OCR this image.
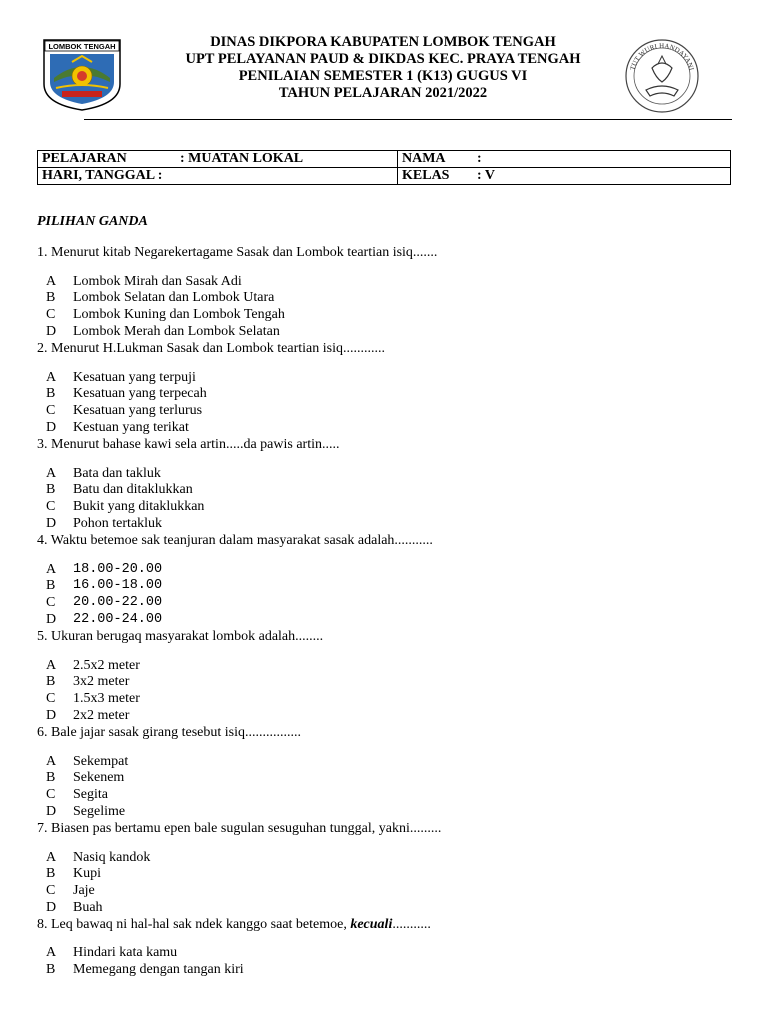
LOMBOK TENGAH	DINAS DIKPORA KABUPATEN LOMBOK TENGAH
UPT PELAYANAN PAUD & DIKDAS KEC. PRAYA TENGAH
PENILAIAN SEMESTER 1 (K13) GUGUS VI
TAHUN PELAJARAN 2021/2022
TUT WURI HANDAYANI
PELAJARAN : MUATAN LOKAL	NAMA :
HARI, TANGGAL :	KELAS : V
PILIHAN GANDA

1. Menurut kitab Negarekertagame Sasak dan Lombok teartian isiq.......

A	Lombok Mirah dan Sasak Adi
B	Lombok Selatan dan Lombok Utara
C	Lombok Kuning dan Lombok Tengah
D	Lombok Merah dan Lombok Selatan

2. Menurut H.Lukman Sasak dan Lombok teartian isiq............

A	Kesatuan yang terpuji
B	Kesatuan yang terpecah
C	Kesatuan yang terlurus
D	Kestuan yang terikat

3. Menurut bahase kawi sela artin.....da pawis artin.....

A	Bata dan takluk
B	Batu dan ditaklukkan
C	Bukit yang ditaklukkan
D	Pohon tertakluk

4. Waktu betemoe sak teanjuran dalam masyarakat sasak adalah...........

A	18.00-20.00
B	16.00-18.00
C	20.00-22.00
D	22.00-24.00

5. Ukuran berugaq masyarakat lombok adalah........

A	2.5x2 meter
B	3x2 meter
C	1.5x3 meter
D	2x2 meter

6. Bale jajar sasak girang tesebut isiq................

A	Sekempat
B	Sekenem
C	Segita
D	Segelime

7. Biasen pas bertamu epen bale sugulan sesuguhan tunggal, yakni.........

A	Nasiq kandok
B	Kupi
C	Jaje
D	Buah

8. Leq bawaq ni hal-hal sak ndek kanggo saat betemoe, kecuali...........

A	Hindari kata kamu
B	Memegang dengan tangan kiri
